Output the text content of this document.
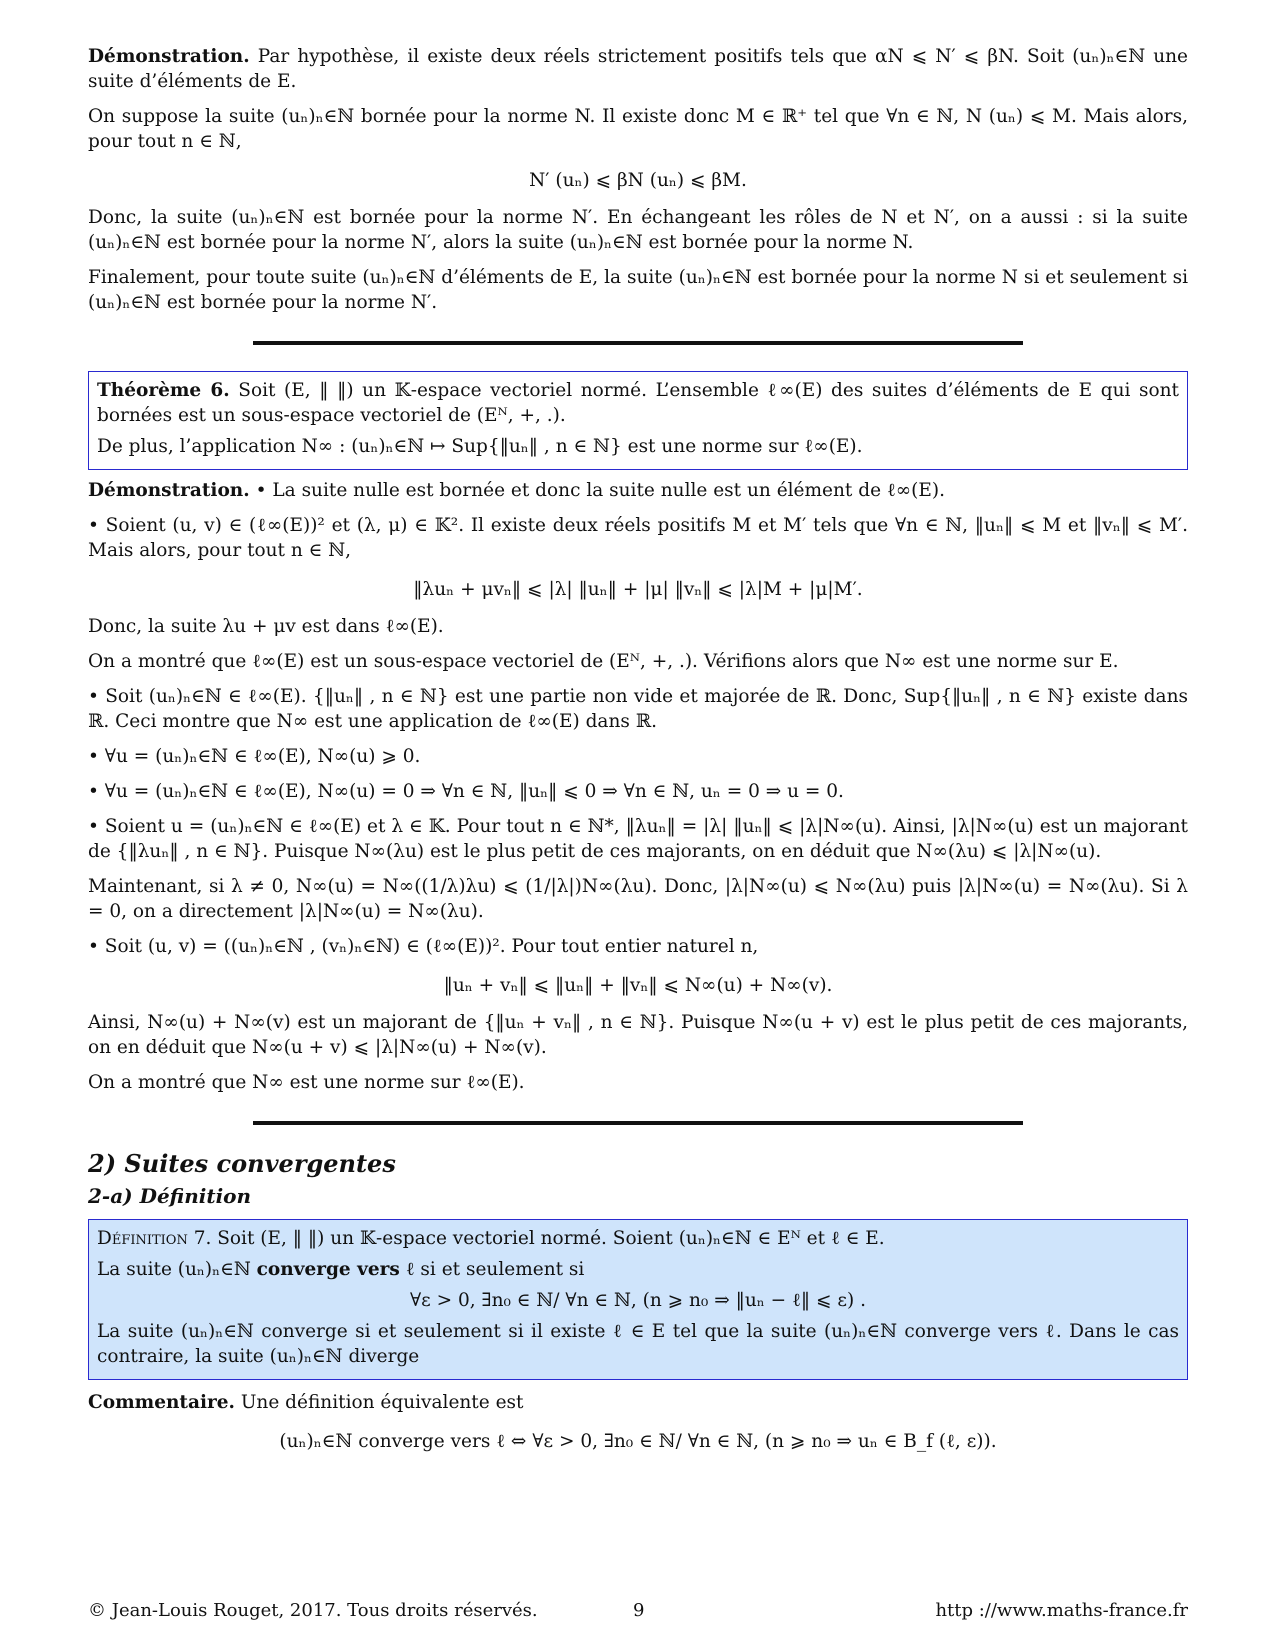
Démonstration. Par hypothèse, il existe deux réels strictement positifs tels que αN ⩽ N′ ⩽ βN. Soit (uₙ)ₙ∈ℕ une suite d’éléments de E.

On suppose la suite (uₙ)ₙ∈ℕ bornée pour la norme N. Il existe donc M ∈ ℝ⁺ tel que ∀n ∈ ℕ, N (uₙ) ⩽ M. Mais alors, pour tout n ∈ ℕ,

N′ (uₙ) ⩽ βN (uₙ) ⩽ βM.

Donc, la suite (uₙ)ₙ∈ℕ est bornée pour la norme N′. En échangeant les rôles de N et N′, on a aussi : si la suite (uₙ)ₙ∈ℕ est bornée pour la norme N′, alors la suite (uₙ)ₙ∈ℕ est bornée pour la norme N.

Finalement, pour toute suite (uₙ)ₙ∈ℕ d’éléments de E, la suite (uₙ)ₙ∈ℕ est bornée pour la norme N si et seulement si (uₙ)ₙ∈ℕ est bornée pour la norme N′.

Théorème 6. Soit (E, ‖ ‖) un 𝕂-espace vectoriel normé. L’ensemble ℓ∞(E) des suites d’éléments de E qui sont bornées est un sous-espace vectoriel de (Eᴺ, +, .).

De plus, l’application N∞ : (uₙ)ₙ∈ℕ ↦ Sup{‖uₙ‖ , n ∈ ℕ} est une norme sur ℓ∞(E).

Démonstration. • La suite nulle est bornée et donc la suite nulle est un élément de ℓ∞(E).

• Soient (u, v) ∈ (ℓ∞(E))² et (λ, μ) ∈ 𝕂². Il existe deux réels positifs M et M′ tels que ∀n ∈ ℕ, ‖uₙ‖ ⩽ M et ‖vₙ‖ ⩽ M′. Mais alors, pour tout n ∈ ℕ,

‖λuₙ + μvₙ‖ ⩽ |λ| ‖uₙ‖ + |μ| ‖vₙ‖ ⩽ |λ|M + |μ|M′.

Donc, la suite λu + μv est dans ℓ∞(E).

On a montré que ℓ∞(E) est un sous-espace vectoriel de (Eᴺ, +, .). Vérifions alors que N∞ est une norme sur E.

• Soit (uₙ)ₙ∈ℕ ∈ ℓ∞(E). {‖uₙ‖ , n ∈ ℕ} est une partie non vide et majorée de ℝ. Donc, Sup{‖uₙ‖ , n ∈ ℕ} existe dans ℝ. Ceci montre que N∞ est une application de ℓ∞(E) dans ℝ.

• ∀u = (uₙ)ₙ∈ℕ ∈ ℓ∞(E), N∞(u) ⩾ 0.

• ∀u = (uₙ)ₙ∈ℕ ∈ ℓ∞(E), N∞(u) = 0 ⇒ ∀n ∈ ℕ, ‖uₙ‖ ⩽ 0 ⇒ ∀n ∈ ℕ, uₙ = 0 ⇒ u = 0.

• Soient u = (uₙ)ₙ∈ℕ ∈ ℓ∞(E) et λ ∈ 𝕂. Pour tout n ∈ ℕ*, ‖λuₙ‖ = |λ| ‖uₙ‖ ⩽ |λ|N∞(u). Ainsi, |λ|N∞(u) est un majorant de {‖λuₙ‖ , n ∈ ℕ}. Puisque N∞(λu) est le plus petit de ces majorants, on en déduit que N∞(λu) ⩽ |λ|N∞(u).

Maintenant, si λ ≠ 0, N∞(u) = N∞((1/λ)λu) ⩽ (1/|λ|)N∞(λu). Donc, |λ|N∞(u) ⩽ N∞(λu) puis |λ|N∞(u) = N∞(λu). Si λ = 0, on a directement |λ|N∞(u) = N∞(λu).

• Soit (u, v) = ((uₙ)ₙ∈ℕ , (vₙ)ₙ∈ℕ) ∈ (ℓ∞(E))². Pour tout entier naturel n,

‖uₙ + vₙ‖ ⩽ ‖uₙ‖ + ‖vₙ‖ ⩽ N∞(u) + N∞(v).

Ainsi, N∞(u) + N∞(v) est un majorant de {‖uₙ + vₙ‖ , n ∈ ℕ}. Puisque N∞(u + v) est le plus petit de ces majorants, on en déduit que N∞(u + v) ⩽ |λ|N∞(u) + N∞(v).

On a montré que N∞ est une norme sur ℓ∞(E).

2) Suites convergentes
2-a) Définition

Définition 7. Soit (E, ‖ ‖) un 𝕂-espace vectoriel normé. Soient (uₙ)ₙ∈ℕ ∈ Eᴺ et ℓ ∈ E.

La suite (uₙ)ₙ∈ℕ converge vers ℓ si et seulement si

∀ε > 0, ∃n₀ ∈ ℕ/ ∀n ∈ ℕ, (n ⩾ n₀ ⇒ ‖uₙ − ℓ‖ ⩽ ε) .

La suite (uₙ)ₙ∈ℕ converge si et seulement si il existe ℓ ∈ E tel que la suite (uₙ)ₙ∈ℕ converge vers ℓ. Dans le cas contraire, la suite (uₙ)ₙ∈ℕ diverge

Commentaire. Une définition équivalente est

(uₙ)ₙ∈ℕ converge vers ℓ ⇔ ∀ε > 0, ∃n₀ ∈ ℕ/ ∀n ∈ ℕ, (n ⩾ n₀ ⇒ uₙ ∈ B_f (ℓ, ε)).

© Jean-Louis Rouget, 2017. Tous droits réservés.	9	http ://www.maths-france.fr
